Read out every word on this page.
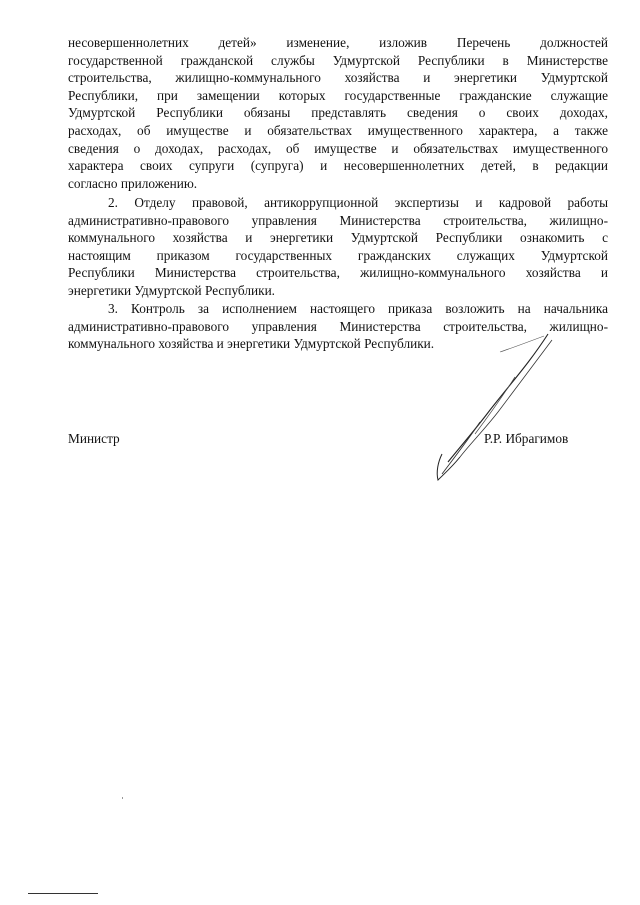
несовершеннолетних детей» изменение, изложив Перечень должностей
государственной гражданской службы Удмуртской Республики в Министерстве
строительства, жилищно-коммунального хозяйства и энергетики Удмуртской
Республики, при замещении которых государственные гражданские служащие
Удмуртской Республики обязаны представлять сведения о своих доходах,
расходах, об имуществе и обязательствах имущественного характера, а также
сведения о доходах, расходах, об имуществе и обязательствах имущественного
характера своих супруги (супруга) и несовершеннолетних детей, в редакции
согласно приложению.
2. Отделу правовой, антикоррупционной экспертизы и кадровой работы
административно-правового управления Министерства строительства, жилищно-
коммунального хозяйства и энергетики Удмуртской Республики ознакомить с
настоящим приказом государственных гражданских служащих Удмуртской
Республики Министерства строительства, жилищно-коммунального хозяйства и
энергетики Удмуртской Республики.
3. Контроль за исполнением настоящего приказа возложить на начальника
административно-правового управления Министерства строительства, жилищно-
коммунального хозяйства и энергетики Удмуртской Республики.
Министр	Р.Р. Ибрагимов
